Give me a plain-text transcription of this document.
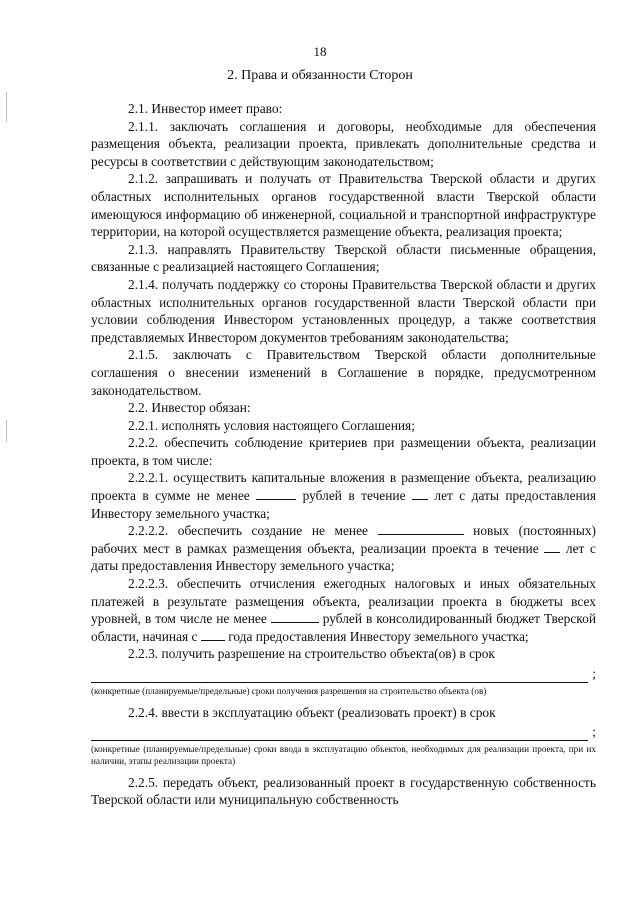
18
2. Права и обязанности Сторон

2.1. Инвестор имеет право:

2.1.1. заключать соглашения и договоры, необходимые для обеспечения размещения объекта, реализации проекта, привлекать дополнительные средства и ресурсы в соответствии с действующим законодательством;

2.1.2. запрашивать и получать от Правительства Тверской области и других областных исполнительных органов государственной власти Тверской области имеющуюся информацию об инженерной, социальной и транспортной инфраструктуре территории, на которой осуществляется размещение объекта, реализация проекта;

2.1.3. направлять Правительству Тверской области письменные обращения, связанные с реализацией настоящего Соглашения;

2.1.4. получать поддержку со стороны Правительства Тверской области и других областных исполнительных органов государственной власти Тверской области при условии соблюдения Инвестором установленных процедур, а также соответствия представляемых Инвестором документов требованиям законодательства;

2.1.5. заключать с Правительством Тверской области дополнительные соглашения о внесении изменений в Соглашение в порядке, предусмотренном законодательством.

2.2. Инвестор обязан:

2.2.1. исполнять условия настоящего Соглашения;

2.2.2. обеспечить соблюдение критериев при размещении объекта, реализации проекта, в том числе:

2.2.2.1. осуществить капитальные вложения в размещение объекта, реализацию проекта в сумме не менее	рублей в течение лет с даты предоставления Инвестору земельного участка;

2.2.2.2. обеспечить создание не менее	новых (постоянных) рабочих мест в рамках размещения объекта, реализации проекта в течение лет с даты предоставления Инвестору земельного участка;

2.2.2.3. обеспечить отчисления ежегодных налоговых и иных обязательных платежей в результате размещения объекта, реализации проекта в бюджеты всех уровней, в том числе не менее	рублей в консолидированный бюджет Тверской области, начиная с года предоставления Инвестору земельного участка;

2.2.3. получить разрешение на строительство объекта(ов) в срок

;
(конкретные (планируемые/предельные) сроки получения разрешения на строительство объекта (ов)

2.2.4. ввести в эксплуатацию объект (реализовать проект) в срок

;
(конкретные (планируемые/предельные) сроки ввода в эксплуатацию объектов, необходимых для реализации проекта, при их наличии, этапы реализации проекта)

2.2.5. передать объект, реализованный проект в государственную собственность Тверской области или муниципальную собственность
